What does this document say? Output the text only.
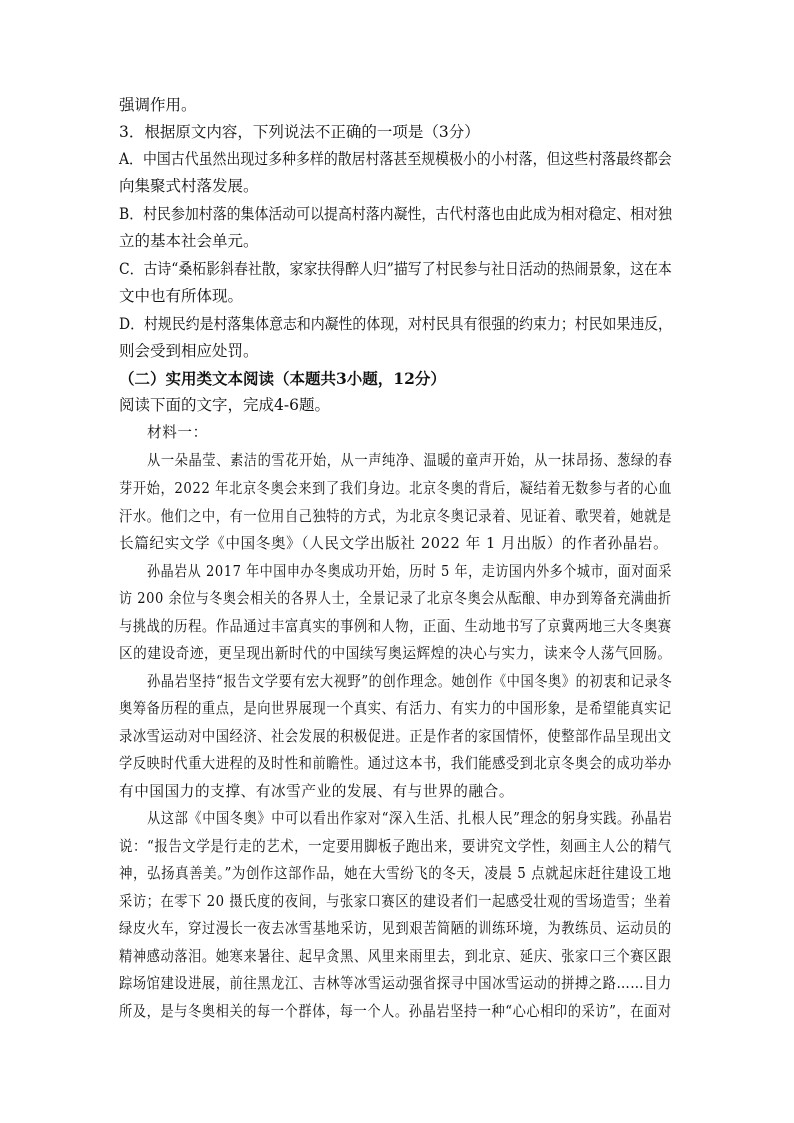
强调作用。
3．根据原文内容，下列说法不正确的一项是（3分）
A．中国古代虽然出现过多种多样的散居村落甚至规模极小的小村落，但这些村落最终都会
向集聚式村落发展。
B．村民参加村落的集体活动可以提高村落内凝性，古代村落也由此成为相对稳定、相对独
立的基本社会单元。
C．古诗“桑柘影斜春社散，家家扶得醉人归”描写了村民参与社日活动的热闹景象，这在本
文中也有所体现。
D．村规民约是村落集体意志和内凝性的体现，对村民具有很强的约束力；村民如果违反，
则会受到相应处罚。
（二）实用类文本阅读（本题共3小题，12分）
阅读下面的文字，完成4-6题。
材料一：
从一朵晶莹、素洁的雪花开始，从一声纯净、温暖的童声开始，从一抹昂扬、葱绿的春
芽开始，2022 年北京冬奥会来到了我们身边。北京冬奥的背后，凝结着无数参与者的心血
汗水。他们之中，有一位用自己独特的方式，为北京冬奥记录着、见证着、歌哭着，她就是
长篇纪实文学《中国冬奥》（人民文学出版社 2022 年 1 月出版）的作者孙晶岩。
孙晶岩从 2017 年中国申办冬奥成功开始，历时 5 年，走访国内外多个城市，面对面采
访 200 余位与冬奥会相关的各界人士，全景记录了北京冬奥会从酝酿、申办到筹备充满曲折
与挑战的历程。作品通过丰富真实的事例和人物，正面、生动地书写了京冀两地三大冬奥赛
区的建设奇迹，更呈现出新时代的中国续写奥运辉煌的决心与实力，读来令人荡气回肠。
孙晶岩坚持“报告文学要有宏大视野”的创作理念。她创作《中国冬奥》的初衷和记录冬
奥筹备历程的重点，是向世界展现一个真实、有活力、有实力的中国形象，是希望能真实记
录冰雪运动对中国经济、社会发展的积极促进。正是作者的家国情怀，使整部作品呈现出文
学反映时代重大进程的及时性和前瞻性。通过这本书，我们能感受到北京冬奥会的成功举办
有中国国力的支撑、有冰雪产业的发展、有与世界的融合。
从这部《中国冬奥》中可以看出作家对“深入生活、扎根人民”理念的躬身实践。孙晶岩
说：“报告文学是行走的艺术，一定要用脚板子跑出来，要讲究文学性，刻画主人公的精气
神，弘扬真善美。”为创作这部作品，她在大雪纷飞的冬天，凌晨 5 点就起床赶往建设工地
采访；在零下 20 摄氏度的夜间，与张家口赛区的建设者们一起感受壮观的雪场造雪；坐着
绿皮火车，穿过漫长一夜去冰雪基地采访，见到艰苦简陋的训练环境，为教练员、运动员的
精神感动落泪。她寒来暑往、起早贪黑、风里来雨里去，到北京、延庆、张家口三个赛区跟
踪场馆建设进展，前往黑龙江、吉林等冰雪运动强省探寻中国冰雪运动的拼搏之路……目力
所及，是与冬奥相关的每一个群体，每一个人。孙晶岩坚持一种“心心相印的采访”，在面对
